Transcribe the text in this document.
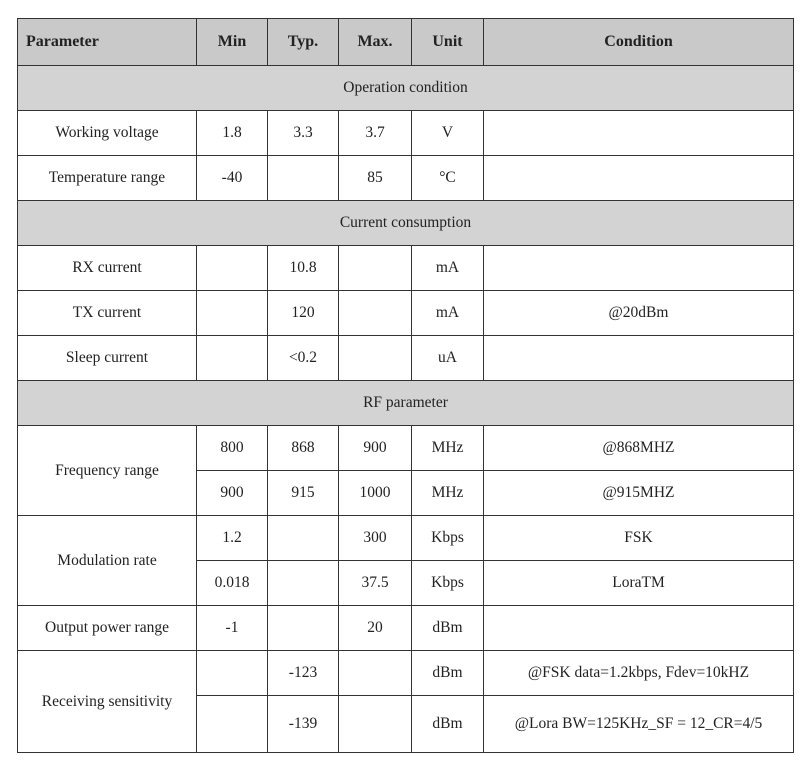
Parameter	Min	Typ.	Max.	Unit	Condition
Operation condition					
Working voltage	1.8	3.3	3.7	V	
Temperature range	-40		85	°C	
Current consumption					
RX current		10.8		mA	
TX current		120		mA	@20dBm
Sleep current		<0.2		uA	
RF parameter					
Frequency range	800	868	900	MHz	@868MHZ
	900	915	1000	MHz	@915MHZ
Modulation rate	1.2		300	Kbps	FSK
	0.018		37.5	Kbps	LoraTM
Output power range	-1		20	dBm	
Receiving sensitivity		-123		dBm	@FSK data=1.2kbps, Fdev=10kHZ
		-139		dBm	@Lora BW=125KHz_SF = 12_CR=4/5
